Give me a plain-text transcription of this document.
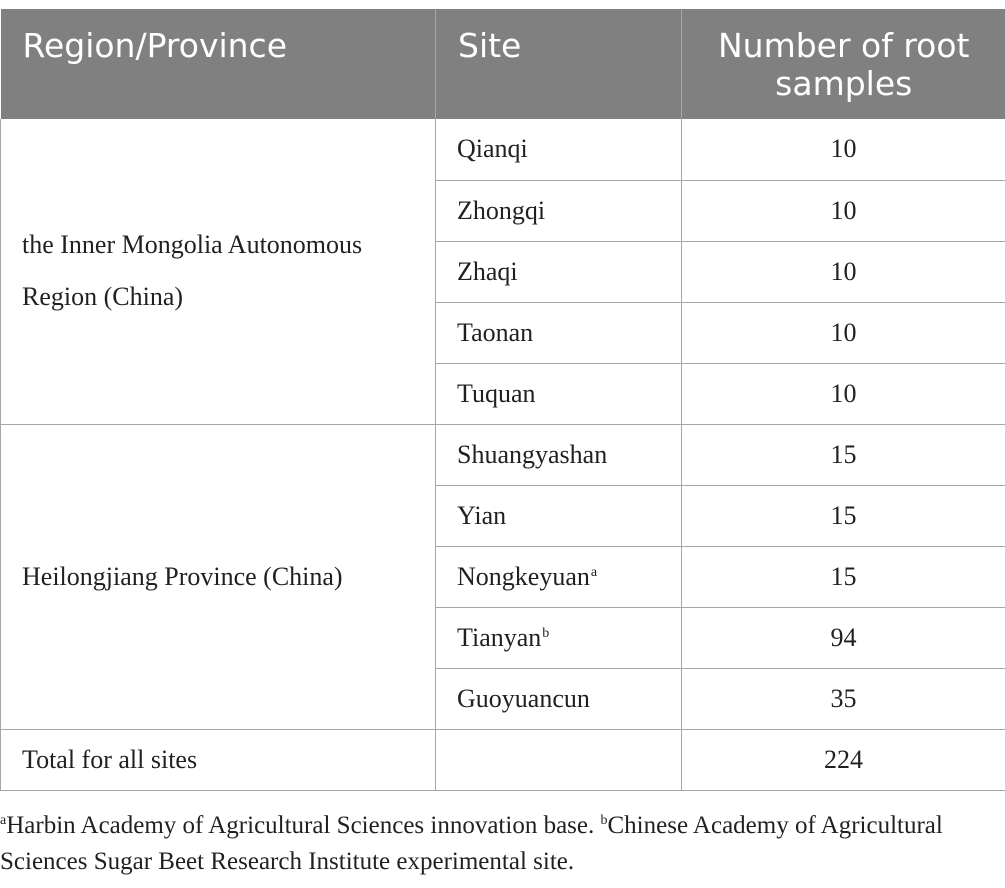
Region/Province	Site	Number of root
samples
the Inner Mongolia Autonomous
Region (China)	Qianqi	10
	Zhongqi	10
	Zhaqi	10
	Taonan	10
	Tuquan	10
Heilongjiang Province (China)	Shuangyashan	15
	Yian	15
	Nongkeyuan$^a$	15
	Tianyan$^b$	94
	Guoyuancun	35
Total for all sites		224
$^a$Harbin Academy of Agricultural Sciences innovation base. $^b$Chinese Academy of Agricultural Sciences Sugar Beet Research Institute experimental site.
